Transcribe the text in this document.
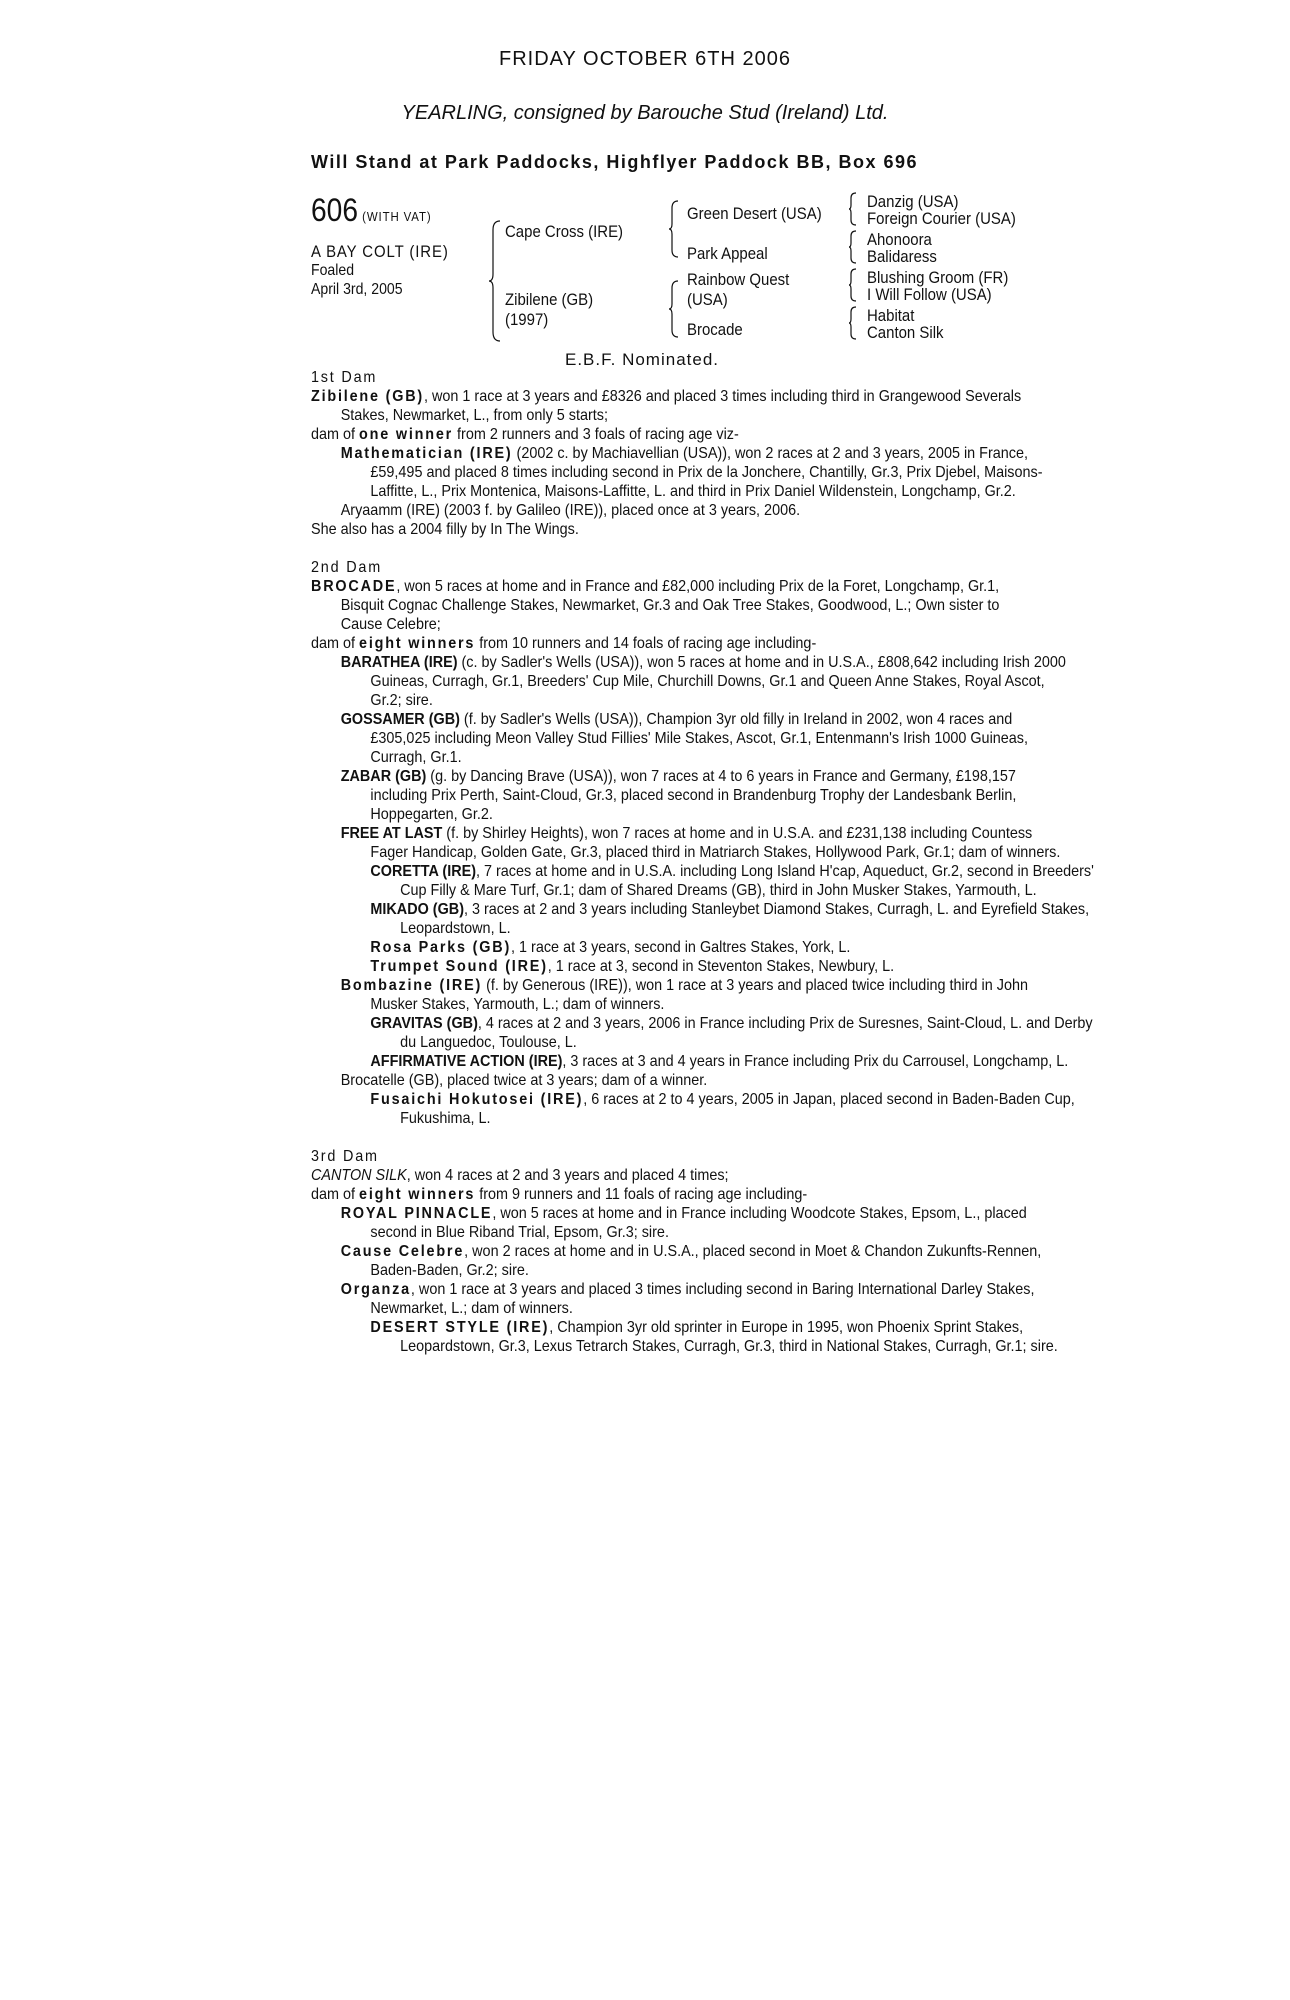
FRIDAY OCTOBER 6TH 2006
YEARLING, consigned by Barouche Stud (Ireland) Ltd.
Will Stand at Park Paddocks, Highflyer Paddock BB, Box 696
606 (WITH VAT)
A BAY COLT (IRE)
Foaled
April 3rd, 2005
Cape Cross (IRE)
Zibilene (GB)
(1997)
Green Desert (USA)
Park Appeal
Rainbow Quest
(USA)
Brocade
Danzig (USA)
Foreign Courier (USA)
Ahonoora
Balidaress
Blushing Groom (FR)
I Will Follow (USA)
Habitat
Canton Silk
E.B.F. Nominated.

1st Dam

Zibilene (GB), won 1 race at 3 years and £8326 and placed 3 times including third in Grangewood Severals Stakes, Newmarket, L., from only 5 starts;

dam of one winner from 2 runners and 3 foals of racing age viz-

Mathematician (IRE) (2002 c. by Machiavellian (USA)), won 2 races at 2 and 3 years, 2005 in France, £59,495 and placed 8 times including second in Prix de la Jonchere, Chantilly, Gr.3, Prix Djebel, Maisons-Laffitte, L., Prix Montenica, Maisons-Laffitte, L. and third in Prix Daniel Wildenstein, Longchamp, Gr.2.

Aryaamm (IRE) (2003 f. by Galileo (IRE)), placed once at 3 years, 2006.

She also has a 2004 filly by In The Wings.

2nd Dam

BROCADE, won 5 races at home and in France and £82,000 including Prix de la Foret, Longchamp, Gr.1, Bisquit Cognac Challenge Stakes, Newmarket, Gr.3 and Oak Tree Stakes, Goodwood, L.; Own sister to Cause Celebre;

dam of eight winners from 10 runners and 14 foals of racing age including-

BARATHEA (IRE) (c. by Sadler's Wells (USA)), won 5 races at home and in U.S.A., £808,642 including Irish 2000 Guineas, Curragh, Gr.1, Breeders' Cup Mile, Churchill Downs, Gr.1 and Queen Anne Stakes, Royal Ascot, Gr.2; sire.

GOSSAMER (GB) (f. by Sadler's Wells (USA)), Champion 3yr old filly in Ireland in 2002, won 4 races and £305,025 including Meon Valley Stud Fillies' Mile Stakes, Ascot, Gr.1, Entenmann's Irish 1000 Guineas, Curragh, Gr.1.

ZABAR (GB) (g. by Dancing Brave (USA)), won 7 races at 4 to 6 years in France and Germany, £198,157 including Prix Perth, Saint-Cloud, Gr.3, placed second in Brandenburg Trophy der Landesbank Berlin, Hoppegarten, Gr.2.

FREE AT LAST (f. by Shirley Heights), won 7 races at home and in U.S.A. and £231,138 including Countess Fager Handicap, Golden Gate, Gr.3, placed third in Matriarch Stakes, Hollywood Park, Gr.1; dam of winners.

CORETTA (IRE), 7 races at home and in U.S.A. including Long Island H'cap, Aqueduct, Gr.2, second in Breeders' Cup Filly & Mare Turf, Gr.1; dam of Shared Dreams (GB), third in John Musker Stakes, Yarmouth, L.

MIKADO (GB), 3 races at 2 and 3 years including Stanleybet Diamond Stakes, Curragh, L. and Eyrefield Stakes, Leopardstown, L.

Rosa Parks (GB), 1 race at 3 years, second in Galtres Stakes, York, L.

Trumpet Sound (IRE), 1 race at 3, second in Steventon Stakes, Newbury, L.

Bombazine (IRE) (f. by Generous (IRE)), won 1 race at 3 years and placed twice including third in John Musker Stakes, Yarmouth, L.; dam of winners.

GRAVITAS (GB), 4 races at 2 and 3 years, 2006 in France including Prix de Suresnes, Saint-Cloud, L. and Derby du Languedoc, Toulouse, L.

AFFIRMATIVE ACTION (IRE), 3 races at 3 and 4 years in France including Prix du Carrousel, Longchamp, L.

Brocatelle (GB), placed twice at 3 years; dam of a winner.

Fusaichi Hokutosei (IRE), 6 races at 2 to 4 years, 2005 in Japan, placed second in Baden-Baden Cup, Fukushima, L.

3rd Dam

CANTON SILK, won 4 races at 2 and 3 years and placed 4 times;

dam of eight winners from 9 runners and 11 foals of racing age including-

ROYAL PINNACLE, won 5 races at home and in France including Woodcote Stakes, Epsom, L., placed second in Blue Riband Trial, Epsom, Gr.3; sire.

Cause Celebre, won 2 races at home and in U.S.A., placed second in Moet & Chandon Zukunfts-Rennen, Baden-Baden, Gr.2; sire.

Organza, won 1 race at 3 years and placed 3 times including second in Baring International Darley Stakes, Newmarket, L.; dam of winners.

DESERT STYLE (IRE), Champion 3yr old sprinter in Europe in 1995, won Phoenix Sprint Stakes, Leopardstown, Gr.3, Lexus Tetrarch Stakes, Curragh, Gr.3, third in National Stakes, Curragh, Gr.1; sire.
